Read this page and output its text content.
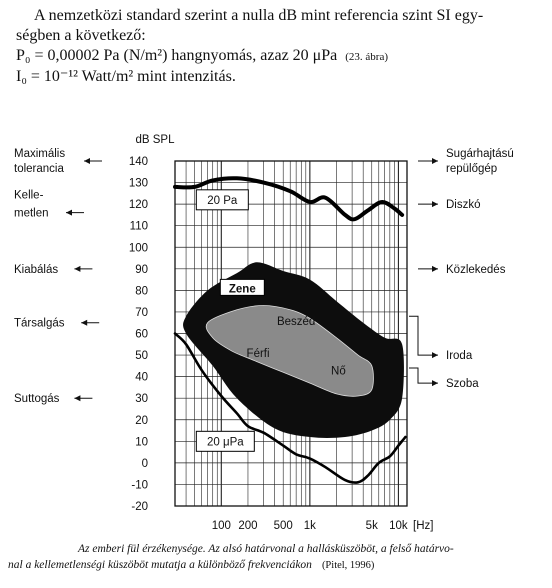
A nemzetközi standard szerint a nulla dB mint referencia szint SI egy-
ségben a következő:
P₀ = 0,00002 Pa (N/m²) hangnyomás, azaz 20 μPa (23. ábra)
I₀ = 10⁻¹² Watt/m² mint intenzitás.
Zene
Beszéd
Férfi
Nő
20 Pa
20 μPa
140
130
120
110
100
90
80
70
60
50
40
30
20
10
0
-10
-20
100 200 500 1k	5k 10k
Maximális
tolerancia
Kelle-
metlen
Kiabálás
Társalgás
Suttogás
Sugárhajtású
repülőgép
Diszkó
Közlekedés
Iroda
Szoba
dB SPL
[Hz]
Az emberi fül érzékenysége. Az alsó határvonal a hallásküszöböt, a felső határvo-
nal a kellemetlenségi küszöböt mutatja a különböző frekvenciákon (Pitel, 1996)
